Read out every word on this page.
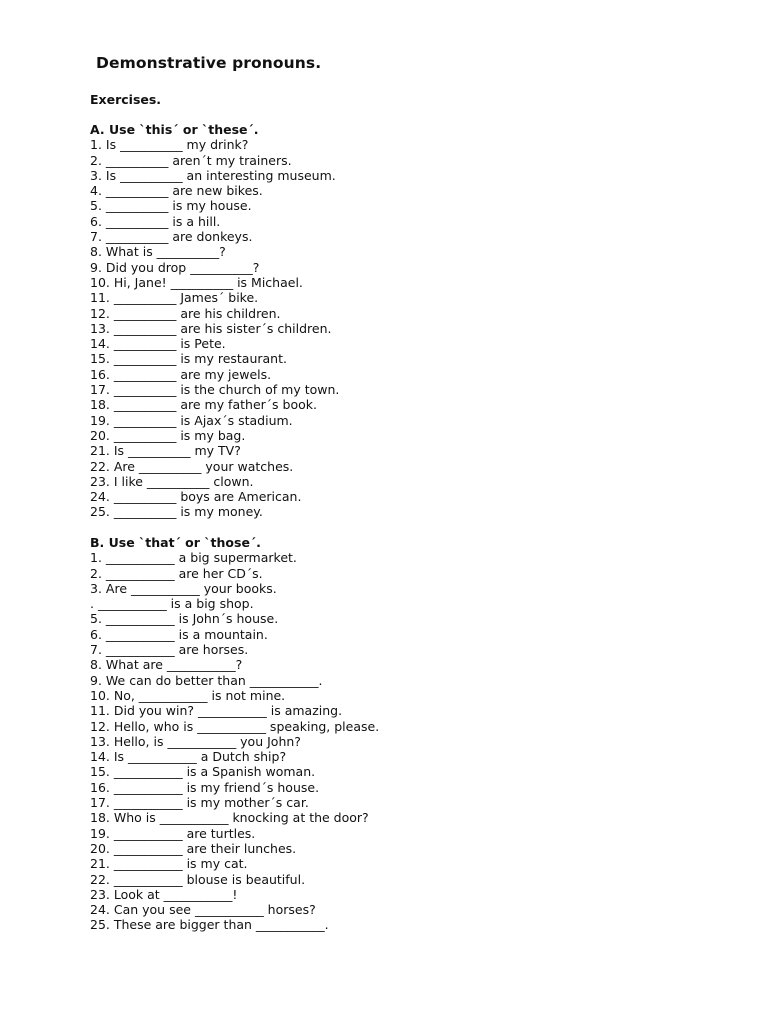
Demonstrative pronouns.
Exercises.
A. Use `this´ or `these´.
1. Is __________ my drink?
2. __________ aren´t my trainers.
3. Is __________ an interesting museum.
4. __________ are new bikes.
5. __________ is my house.
6. __________ is a hill.
7. __________ are donkeys.
8. What is __________?
9. Did you drop __________?
10. Hi, Jane! __________ is Michael.
11. __________ James´ bike.
12. __________ are his children.
13. __________ are his sister´s children.
14. __________ is Pete.
15. __________ is my restaurant.
16. __________ are my jewels.
17. __________ is the church of my town.
18. __________ are my father´s book.
19. __________ is Ajax´s stadium.
20. __________ is my bag.
21. Is __________ my TV?
22. Are __________ your watches.
23. I like __________ clown.
24. __________ boys are American.
25. __________ is my money.
B. Use `that´ or `those´.
1. ___________ a big supermarket.
2. ___________ are her CD´s.
3. Are ___________ your books.
. ___________ is a big shop.
5. ___________ is John´s house.
6. ___________ is a mountain.
7. ___________ are horses.
8. What are ___________?
9. We can do better than ___________.
10. No, ___________ is not mine.
11. Did you win? ___________ is amazing.
12. Hello, who is ___________ speaking, please.
13. Hello, is ___________ you John?
14. Is ___________ a Dutch ship?
15. ___________ is a Spanish woman.
16. ___________ is my friend´s house.
17. ___________ is my mother´s car.
18. Who is ___________ knocking at the door?
19. ___________ are turtles.
20. ___________ are their lunches.
21. ___________ is my cat.
22. ___________ blouse is beautiful.
23. Look at ___________!
24. Can you see ___________ horses?
25. These are bigger than ___________.
